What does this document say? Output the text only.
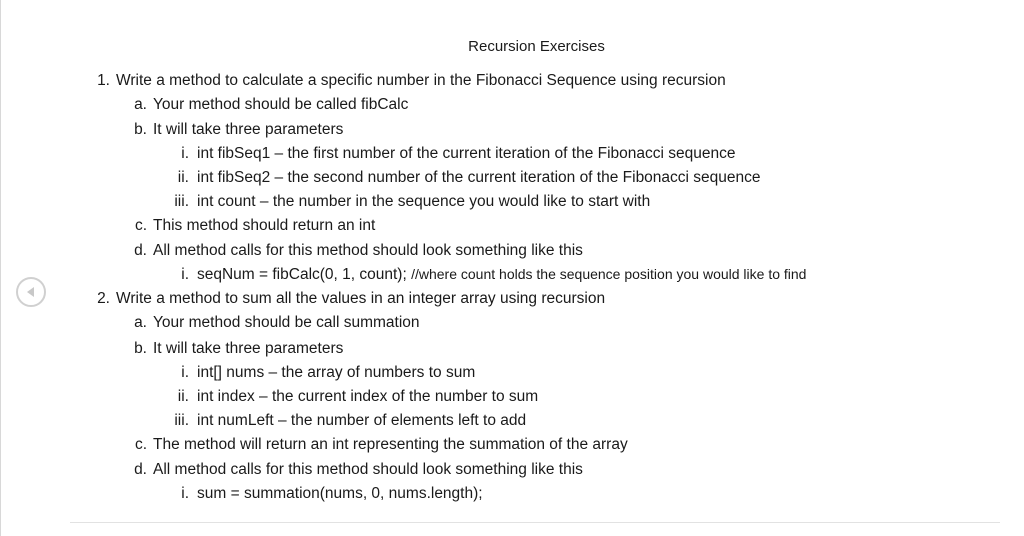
Recursion Exercises
1. Write a method to calculate a specific number in the Fibonacci Sequence using recursion
a. Your method should be called fibCalc
b. It will take three parameters
i. int fibSeq1 – the first number of the current iteration of the Fibonacci sequence
ii. int fibSeq2 – the second number of the current iteration of the Fibonacci sequence
iii. int count – the number in the sequence you would like to start with
c. This method should return an int
d. All method calls for this method should look something like this
i. seqNum = fibCalc(0, 1, count); //where count holds the sequence position you would like to find
2. Write a method to sum all the values in an integer array using recursion
a. Your method should be call summation
b. It will take three parameters
i. int[] nums – the array of numbers to sum
ii. int index – the current index of the number to sum
iii. int numLeft – the number of elements left to add
c. The method will return an int representing the summation of the array
d. All method calls for this method should look something like this
i. sum = summation(nums, 0, nums.length);
